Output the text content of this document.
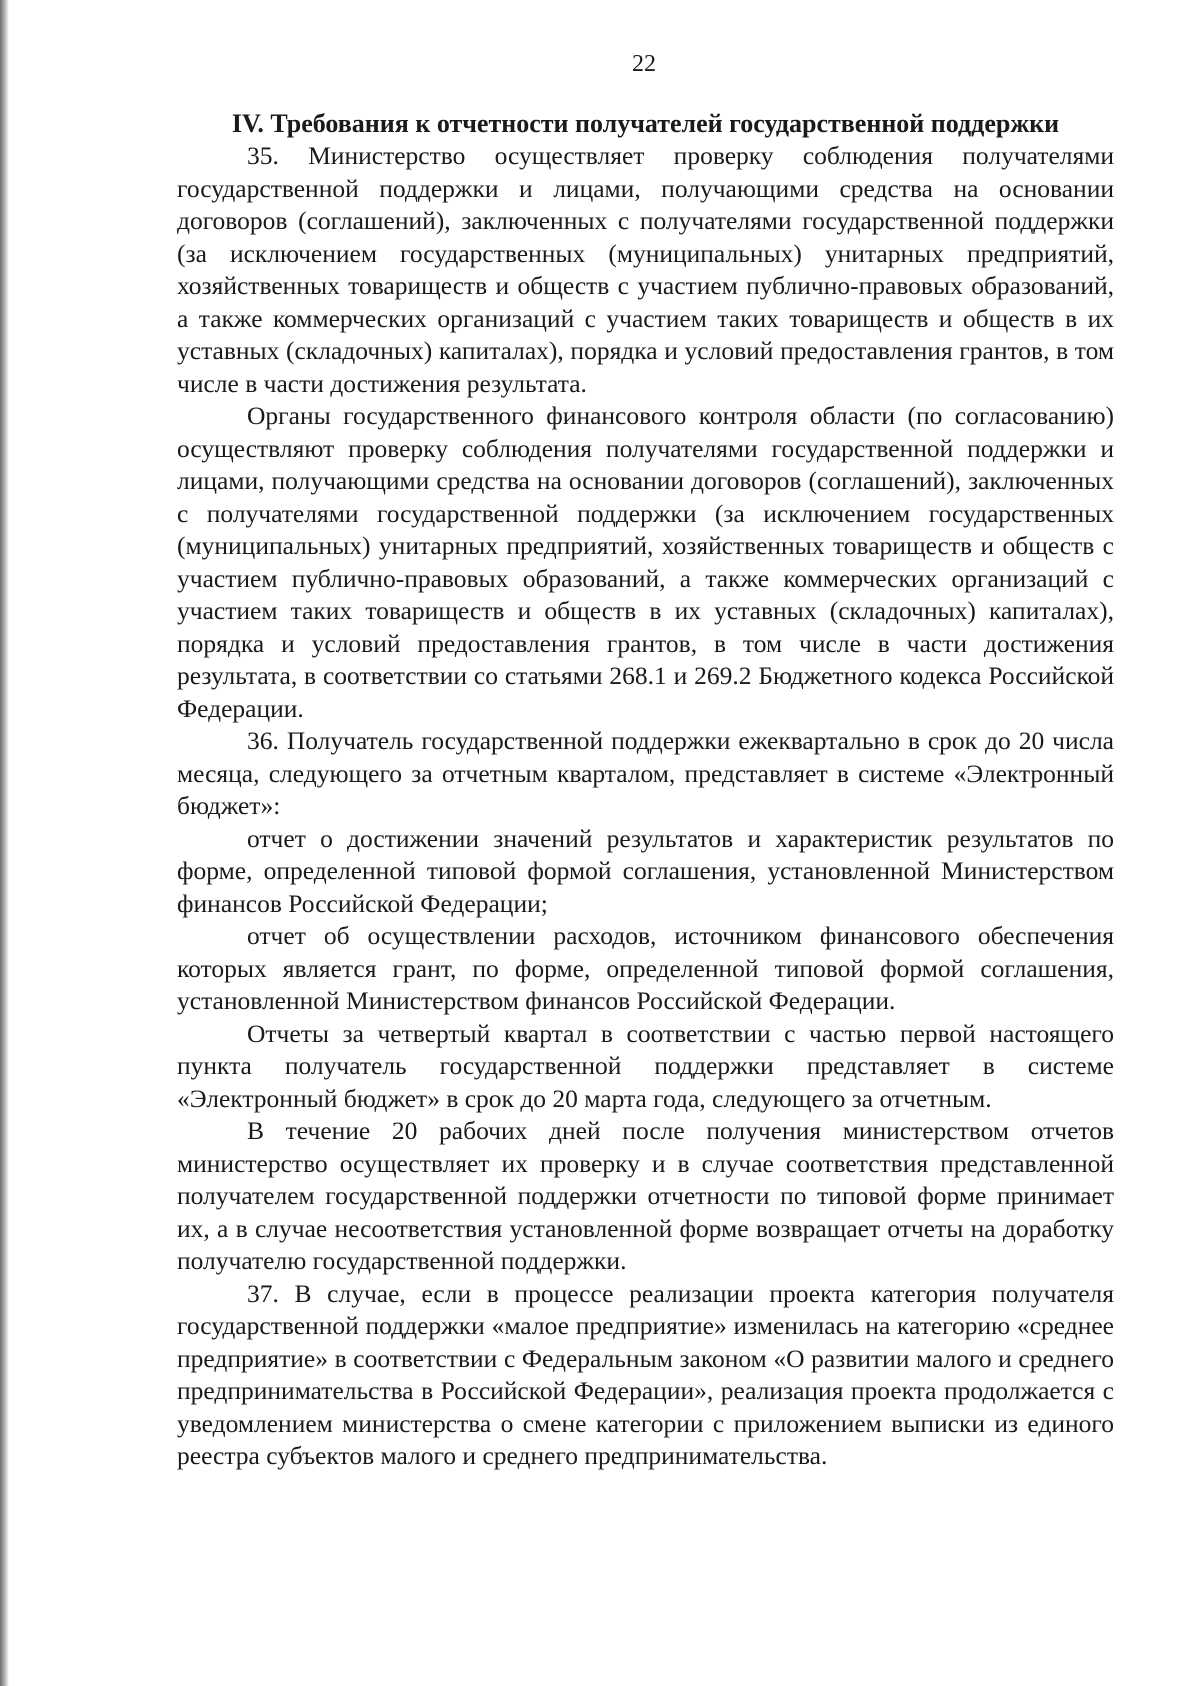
22
IV. Требования к отчетности получателей государственной поддержки

35. Министерство осуществляет проверку соблюдения получателями государственной поддержки и лицами, получающими средства на основании договоров (соглашений), заключенных с получателями государственной поддержки (за исключением государственных (муниципальных) унитарных предприятий, хозяйственных товариществ и обществ с участием публично-правовых образований, а также коммерческих организаций с участием таких товариществ и обществ в их уставных (складочных) капиталах), порядка и условий предоставления грантов, в том числе в части достижения результата.

Органы государственного финансового контроля области (по согласованию) осуществляют проверку соблюдения получателями государственной поддержки и лицами, получающими средства на основании договоров (соглашений), заключенных с получателями государственной поддержки (за исключением государственных (муниципальных) унитарных предприятий, хозяйственных товариществ и обществ с участием публично-правовых образований, а также коммерческих организаций с участием таких товариществ и обществ в их уставных (складочных) капиталах), порядка и условий предоставления грантов, в том числе в части достижения результата, в соответствии со статьями 268.1 и 269.2 Бюджетного кодекса Российской Федерации.

36. Получатель государственной поддержки ежеквартально в срок до 20 числа месяца, следующего за отчетным кварталом, представляет в системе «Электронный бюджет»:

отчет о достижении значений результатов и характеристик результатов по форме, определенной типовой формой соглашения, установленной Министерством финансов Российской Федерации;

отчет об осуществлении расходов, источником финансового обеспечения которых является грант, по форме, определенной типовой формой соглашения, установленной Министерством финансов Российской Федерации.

Отчеты за четвертый квартал в соответствии с частью первой настоящего пункта получатель государственной поддержки представляет в системе «Электронный бюджет» в срок до 20 марта года, следующего за отчетным.

В течение 20 рабочих дней после получения министерством отчетов министерство осуществляет их проверку и в случае соответствия представленной получателем государственной поддержки отчетности по типовой форме принимает их, а в случае несоответствия установленной форме возвращает отчеты на доработку получателю государственной поддержки.

37. В случае, если в процессе реализации проекта категория получателя государственной поддержки «малое предприятие» изменилась на категорию «среднее предприятие» в соответствии с Федеральным законом «О развитии малого и среднего предпринимательства в Российской Федерации», реализация проекта продолжается с уведомлением министерства о смене категории с приложением выписки из единого реестра субъектов малого и среднего предпринимательства.
